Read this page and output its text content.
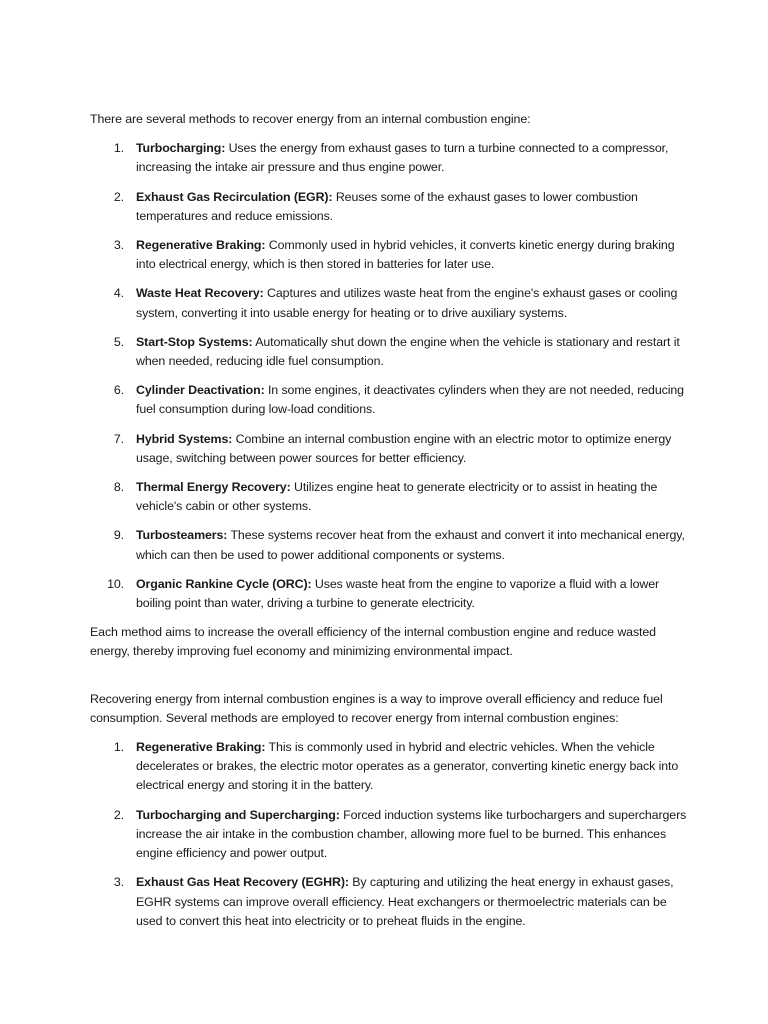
There are several methods to recover energy from an internal combustion engine:

1. Turbocharging: Uses the energy from exhaust gases to turn a turbine connected to a compressor, increasing the intake air pressure and thus engine power.
2. Exhaust Gas Recirculation (EGR): Reuses some of the exhaust gases to lower combustion temperatures and reduce emissions.
3. Regenerative Braking: Commonly used in hybrid vehicles, it converts kinetic energy during braking into electrical energy, which is then stored in batteries for later use.
4. Waste Heat Recovery: Captures and utilizes waste heat from the engine's exhaust gases or cooling system, converting it into usable energy for heating or to drive auxiliary systems.
5. Start-Stop Systems: Automatically shut down the engine when the vehicle is stationary and restart it when needed, reducing idle fuel consumption.
6. Cylinder Deactivation: In some engines, it deactivates cylinders when they are not needed, reducing fuel consumption during low-load conditions.
7. Hybrid Systems: Combine an internal combustion engine with an electric motor to optimize energy usage, switching between power sources for better efficiency.
8. Thermal Energy Recovery: Utilizes engine heat to generate electricity or to assist in heating the vehicle's cabin or other systems.
9. Turbosteamers: These systems recover heat from the exhaust and convert it into mechanical energy, which can then be used to power additional components or systems.
10. Organic Rankine Cycle (ORC): Uses waste heat from the engine to vaporize a fluid with a lower boiling point than water, driving a turbine to generate electricity.

Each method aims to increase the overall efficiency of the internal combustion engine and reduce wasted energy, thereby improving fuel economy and minimizing environmental impact.

Recovering energy from internal combustion engines is a way to improve overall efficiency and reduce fuel consumption. Several methods are employed to recover energy from internal combustion engines:

1. Regenerative Braking: This is commonly used in hybrid and electric vehicles. When the vehicle decelerates or brakes, the electric motor operates as a generator, converting kinetic energy back into electrical energy and storing it in the battery.
2. Turbocharging and Supercharging: Forced induction systems like turbochargers and superchargers increase the air intake in the combustion chamber, allowing more fuel to be burned. This enhances engine efficiency and power output.
3. Exhaust Gas Heat Recovery (EGHR): By capturing and utilizing the heat energy in exhaust gases, EGHR systems can improve overall efficiency. Heat exchangers or thermoelectric materials can be used to convert this heat into electricity or to preheat fluids in the engine.
